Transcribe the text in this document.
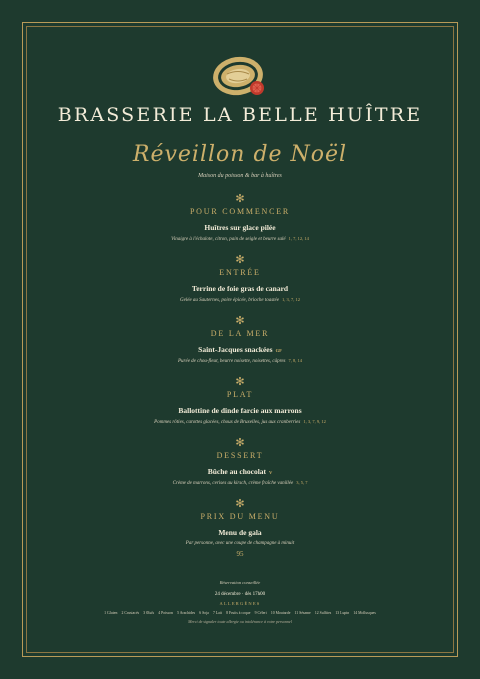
BRASSERIE LA BELLE HUÎTRE
Réveillon de Noël
Maison du poisson & bar à huîtres
✻
POUR COMMENCER
Huîtres sur glace pilée
Vinaigre à l'échalote, citron, pain de seigle et beurre salé 1, 7, 12, 14
✻
ENTRÉE
Terrine de foie gras de canard
Gelée au Sauternes, poire épicée, brioche toastée 1, 3, 7, 12
✻
DE LA MER
Saint-Jacques snackées GF
Purée de chou-fleur, beurre noisette, noisettes, câpres 7, 8, 14
✻
PLAT
Ballottine de dinde farcie aux marrons
Pommes rôties, carottes glacées, choux de Bruxelles, jus aux cranberries 1, 3, 7, 9, 12
✻
DESSERT
Bûche au chocolat V
Crème de marrons, cerises au kirsch, crème fraîche vanillée 3, 5, 7
✻
PRIX DU MENU
Menu de gala
Par personne, avec une coupe de champagne à minuit
95
Réservation conseillée
24 décembre · dès 17h00
ALLERGÈNES
1 Gluten 2 Crustacés 3 Œufs 4 Poisson 5 Arachides 6 Soja 7 Lait 8 Fruits à coque 9 Céleri 10 Moutarde 11 Sésame 12 Sulfites 13 Lupin 14 Mollusques
Merci de signaler toute allergie ou intolérance à votre personnel
